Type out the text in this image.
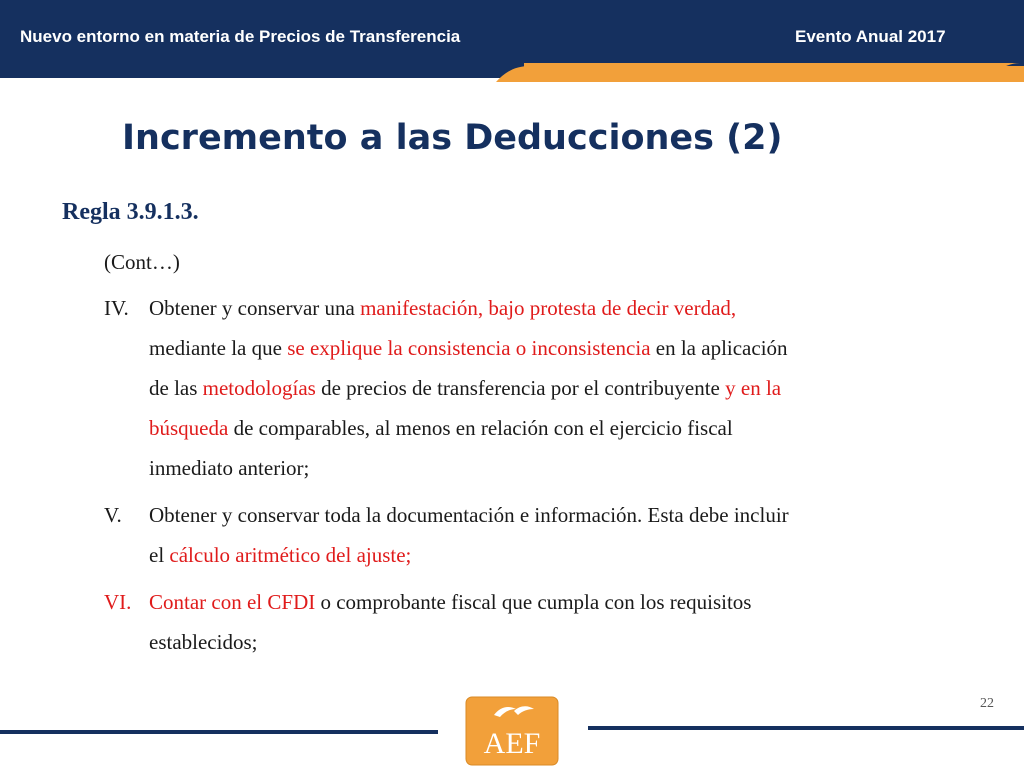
Nuevo entorno en materia de Precios de Transferencia	Evento Anual 2017
Incremento a las Deducciones (2)
Regla 3.9.1.3.
(Cont…)
IV. Obtener y conservar una manifestación, bajo protesta de decir verdad,
mediante la que se explique la consistencia o inconsistencia en la aplicación
de las metodologías de precios de transferencia por el contribuyente y en la
búsqueda de comparables, al menos en relación con el ejercicio fiscal
inmediato anterior;
V. Obtener y conservar toda la documentación e información. Esta debe incluir
el cálculo aritmético del ajuste;
VI. Contar con el CFDI o comprobante fiscal que cumpla con los requisitos
establecidos;
22
AEF
